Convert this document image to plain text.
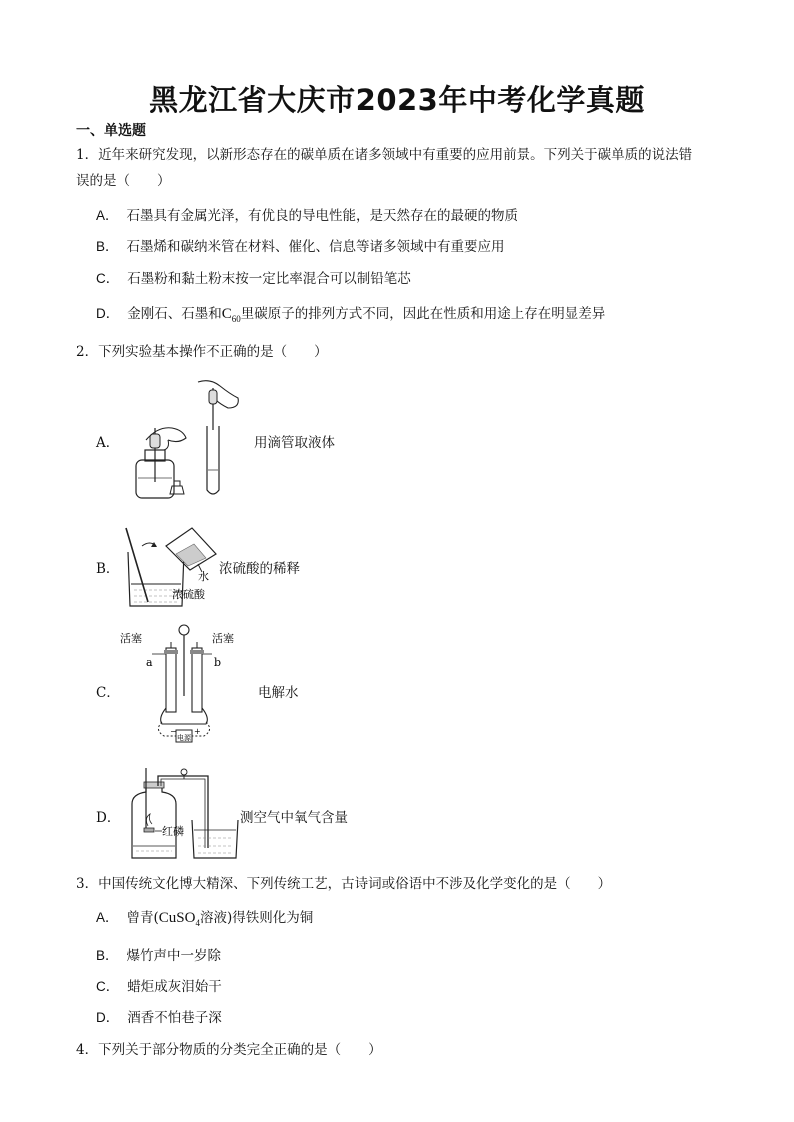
黑龙江省大庆市2023年中考化学真题
一、单选题
1．近年来研究发现，以新形态存在的碳单质在诸多领域中有重要的应用前景。下列关于碳单质的说法错
误的是（　　）
A． 石墨具有金属光泽，有优良的导电性能，是天然存在的最硬的物质
B． 石墨烯和碳纳米管在材料、催化、信息等诸多领域中有重要应用
C． 石墨粉和黏土粉末按一定比率混合可以制铅笔芯
D． 金刚石、石墨和$C_{60}$里碳原子的排列方式不同，因此在性质和用途上存在明显差异
2．下列实验基本操作不正确的是（　　）
A．	用滴管取液体
B．	水
浓硫酸
浓硫酸的稀释
C．
活塞
a
活塞
b
电源
− +
电解水
D．
红磷
测空气中氧气含量
3．中国传统文化博大精深、下列传统工艺，古诗词或俗语中不涉及化学变化的是（　　）
A． 曾青(CuSO$_4$溶液)得铁则化为铜
B． 爆竹声中一岁除
C． 蜡炬成灰泪始干
D． 酒香不怕巷子深
4．下列关于部分物质的分类完全正确的是（　　）
